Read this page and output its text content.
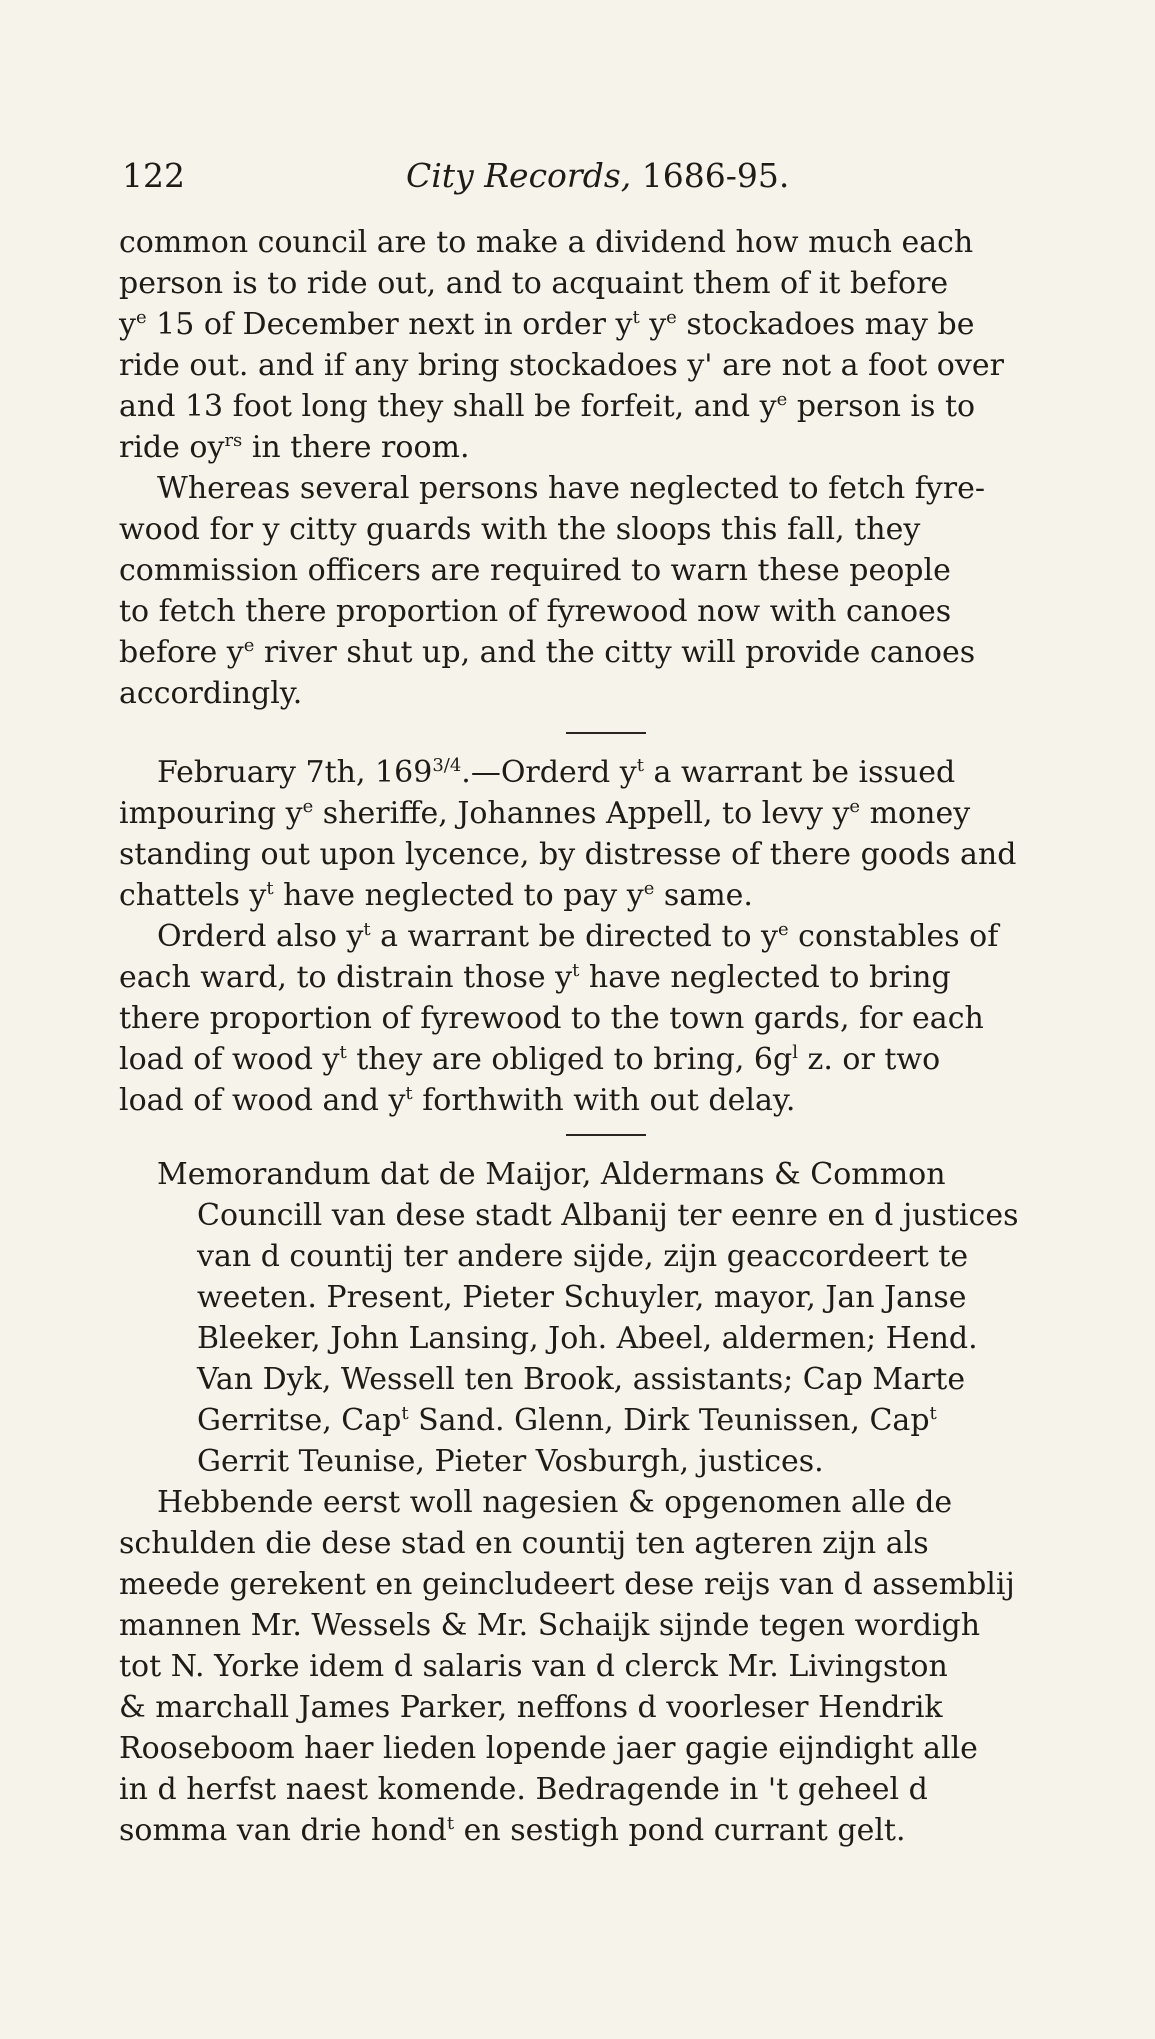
122	City Records, 1686-95.
common council are to make a dividend how much each
person is to ride out, and to acquaint them of it before
$y^e$ 15 of December next in order $y^t$ $y^e$ stockadoes may be
ride out. and if any bring stockadoes y' are not a foot over
and 13 foot long they shall be forfeit, and $y^e$ person is to
ride $oy^{rs}$ in there room.
Whereas several persons have neglected to fetch fyre-
wood for y citty guards with the sloops this fall, they
commission officers are required to warn these people
to fetch there proportion of fyrewood now with canoes
before $y^e$ river shut up, and the citty will provide canoes
accordingly.
February 7th, $169^{3/4}.—Orderd$ $y^t$ a warrant be issued
impouring $y^e$ sheriffe, Johannes Appell, to levy $y^e$ money
standing out upon lycence, by distresse of there goods and
chattels $y^t$ have neglected to pay $y^e$ same.
Orderd also $y^t$ a warrant be directed to $y^e$ constables of
each ward, to distrain those $y^t$ have neglected to bring
there proportion of fyrewood to the town gards, for each
load of wood $y^t$ they are obliged to bring, $6g^l$ z. or two
load of wood and $y^t$ forthwith with out delay.
Memorandum dat de Maijor, Aldermans & Common
Councill van dese stadt Albanij ter eenre en d justices
van d countij ter andere sijde, zijn geaccordeert te
weeten. Present, Pieter Schuyler, mayor, Jan Janse
Bleeker, John Lansing, Joh. Abeel, aldermen; Hend.
Van Dyk, Wessell ten Brook, assistants; Cap Marte
Gerritse, Cap$^t$ Sand. Glenn, Dirk Teunissen, Cap$^t$
Gerrit Teunise, Pieter Vosburgh, justices.
Hebbende eerst woll nagesien & opgenomen alle de
schulden die dese stad en countij ten agteren zijn als
meede gerekent en geincludeert dese reijs van d assemblij
mannen Mr. Wessels & Mr. Schaijk sijnde tegen wordigh
tot N. Yorke idem d salaris van d clerck Mr. Livingston
& marchall James Parker, neffons d voorleser Hendrik
Rooseboom haer lieden lopende jaer gagie eijndight alle
in d herfst naest komende. Bedragende in 't geheel d
somma van drie hond$^t$ en sestigh pond currant gelt.
